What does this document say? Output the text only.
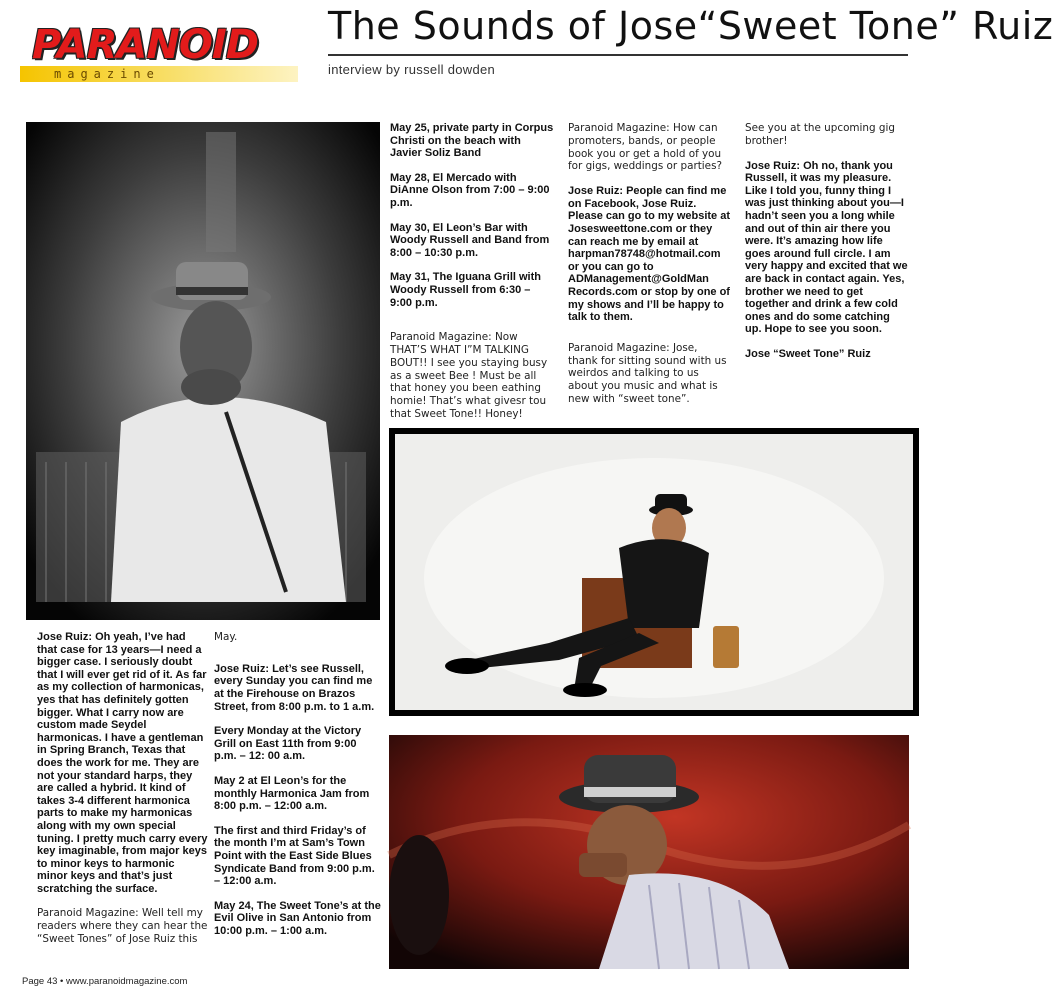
PARANOID
magazine
The Sounds of Jose“Sweet Tone” Ruiz
interview by russell dowden

Jose Ruiz: Oh yeah, I’ve had that case for 13 years—I need a bigger case. I seriously doubt that I will ever get rid of it. As far as my collection of harmonicas, yes that has definitely gotten bigger. What I carry now are custom made Seydel harmonicas. I have a gentleman in Spring Branch, Texas that does the work for me. They are not your standard harps, they are called a hybrid. It kind of takes 3-4 different harmonica parts to make my harmonicas along with my own special tuning. I pretty much carry every key imaginable, from major keys to minor keys to harmonic minor keys and that’s just scratching the surface.

Paranoid Magazine: Well tell my readers where they can hear the “Sweet Tones” of Jose Ruiz this

May.

Jose Ruiz: Let’s see Russell, every Sunday you can find me at the Firehouse on Brazos Street, from 8:00 p.m. to 1 a.m.

Every Monday at the Victory Grill on East 11th from 9:00 p.m. – 12: 00 a.m.

May 2 at El Leon’s for the monthly Harmonica Jam from 8:00 p.m. – 12:00 a.m.

The first and third Friday’s of the month I’m at Sam’s Town Point with the East Side Blues Syndicate Band from 9:00 p.m. – 12:00 a.m.

May 24, The Sweet Tone’s at the Evil Olive in San Antonio from 10:00 p.m. – 1:00 a.m.

May 25, private party in Corpus Christi on the beach with Javier Soliz Band

May 28, El Mercado with DiAnne Olson from 7:00 – 9:00 p.m.

May 30, El Leon’s Bar with Woody Russell and Band from 8:00 – 10:30 p.m.

May 31, The Iguana Grill with Woody Russell from 6:30 – 9:00 p.m.

Paranoid Magazine: Now THAT’S WHAT I”M TALKING BOUT!! I see you staying busy as a sweet Bee ! Must be all that honey you been eathing homie! That’s what givesr tou that Sweet Tone!! Honey!

Paranoid Magazine: How can promoters, bands, or people book you or get a hold of you for gigs, weddings or parties?

Jose Ruiz: People can find me on Facebook, Jose Ruiz. Please can go to my website at Josesweettone.com or they can reach me by email at harpman78748@hotmail.com or you can go to ADManagement@GoldMan Records.com or stop by one of my shows and I’ll be happy to talk to them.

Paranoid Magazine: Jose, thank for sitting sound with us weirdos and talking to us about you music and what is new with “sweet tone”.

See you at the upcoming gig brother!

Jose Ruiz: Oh no, thank you Russell, it was my pleasure. Like I told you, funny thing I was just thinking about you—I hadn’t seen you a long while and out of thin air there you were. It’s amazing how life goes around full circle. I am very happy and excited that we are back in contact again. Yes, brother we need to get together and drink a few cold ones and do some catching up. Hope to see you soon.

Jose “Sweet Tone” Ruiz

Page 43 • www.paranoidmagazine.com
